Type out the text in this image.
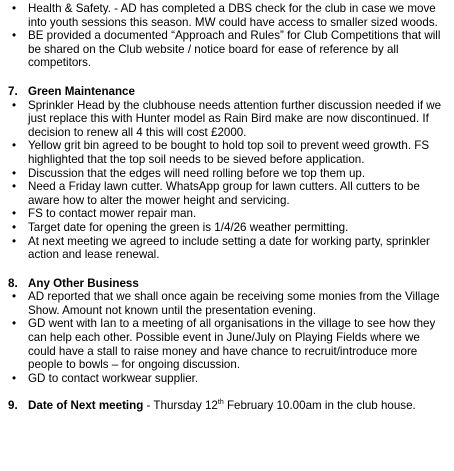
• Health & Safety. - AD has completed a DBS check for the club in case we move into youth sessions this season. MW could have access to smaller sized woods.
• BE provided a documented “Approach and Rules” for Club Competitions that will be shared on the Club website / notice board for ease of reference by all competitors.
7. Green Maintenance
• Sprinkler Head by the clubhouse needs attention further discussion needed if we just replace this with Hunter model as Rain Bird make are now discontinued. If decision to renew all 4 this will cost £2000.
• Yellow grit bin agreed to be bought to hold top soil to prevent weed growth. FS highlighted that the top soil needs to be sieved before application.
• Discussion that the edges will need rolling before we top them up.
• Need a Friday lawn cutter. WhatsApp group for lawn cutters. All cutters to be aware how to alter the mower height and servicing.
• FS to contact mower repair man.
• Target date for opening the green is 1/4/26 weather permitting.
• At next meeting we agreed to include setting a date for working party, sprinkler action and lease renewal.
8. Any Other Business
• AD reported that we shall once again be receiving some monies from the Village Show. Amount not known until the presentation evening.
• GD went with Ian to a meeting of all organisations in the village to see how they can help each other. Possible event in June/July on Playing Fields where we could have a stall to raise money and have chance to recruit/introduce more people to bowls – for ongoing discussion.
• GD to contact workwear supplier.
9. Date of Next meeting - Thursday 12th February 10.00am in the club house.
